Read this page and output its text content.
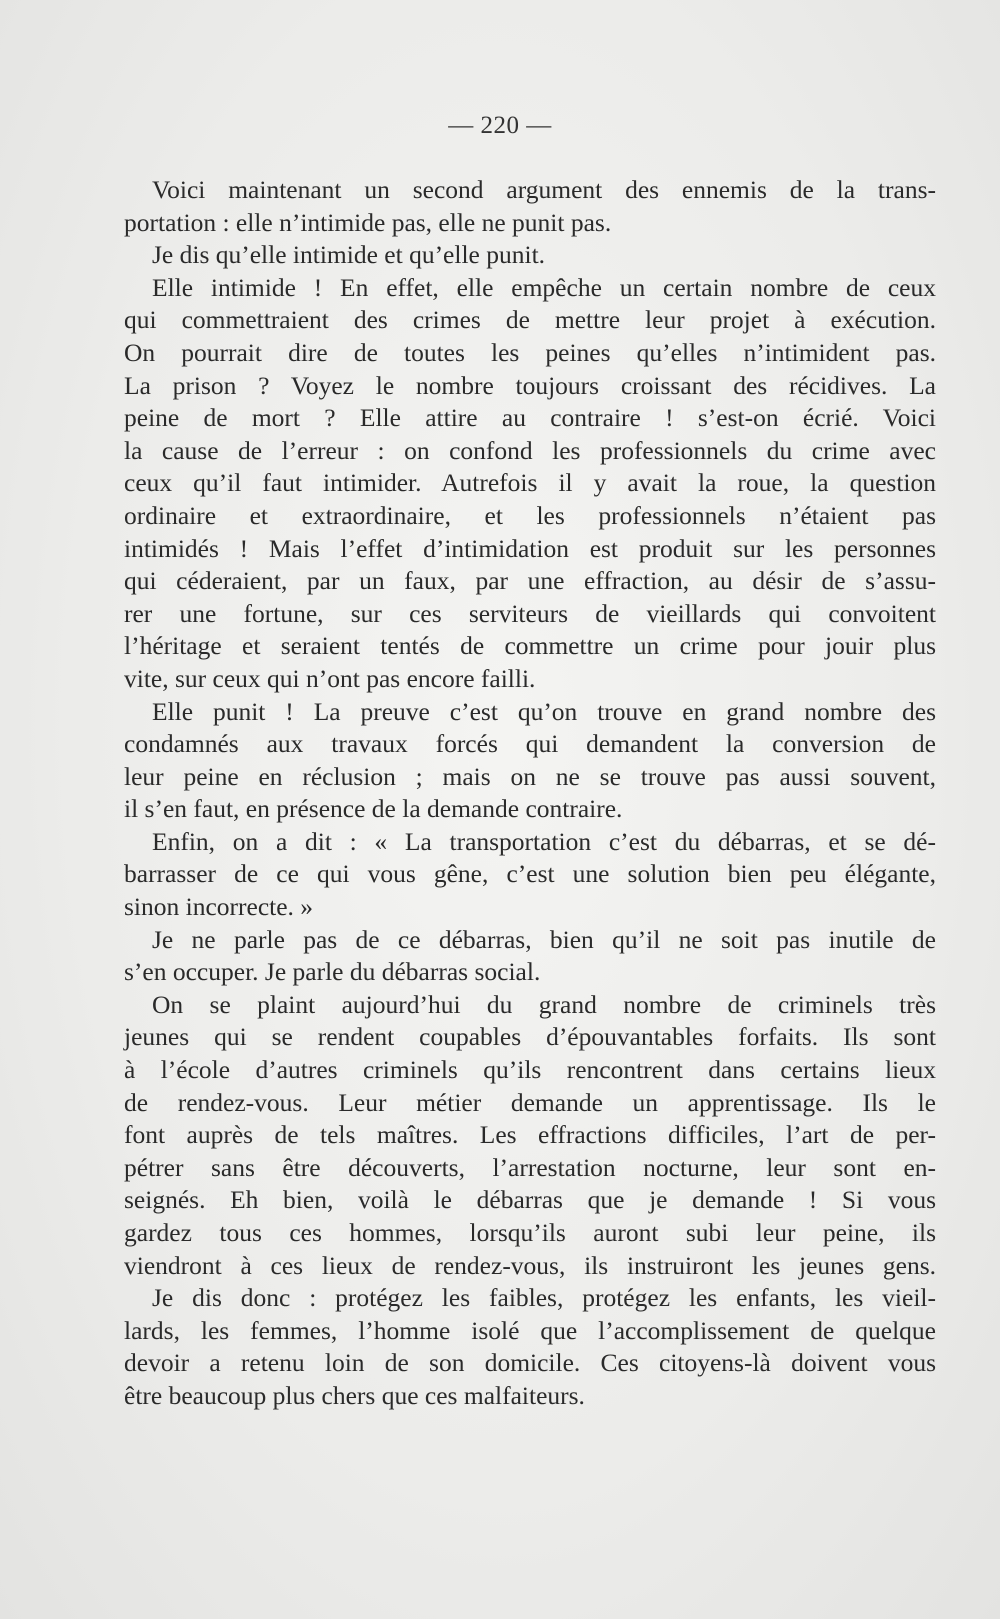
— 220 —
Voici maintenant un second argument des ennemis de la trans-
portation : elle n’intimide pas, elle ne punit pas.
Je dis qu’elle intimide et qu’elle punit.
Elle intimide ! En effet, elle empêche un certain nombre de ceux
qui commettraient des crimes de mettre leur projet à exécution.
On pourrait dire de toutes les peines qu’elles n’intimident pas.
La prison ? Voyez le nombre toujours croissant des récidives. La
peine de mort ? Elle attire au contraire ! s’est-on écrié. Voici
la cause de l’erreur : on confond les professionnels du crime avec
ceux qu’il faut intimider. Autrefois il y avait la roue, la question
ordinaire et extraordinaire, et les professionnels n’étaient pas
intimidés ! Mais l’effet d’intimidation est produit sur les personnes
qui céderaient, par un faux, par une effraction, au désir de s’assu-
rer une fortune, sur ces serviteurs de vieillards qui convoitent
l’héritage et seraient tentés de commettre un crime pour jouir plus
vite, sur ceux qui n’ont pas encore failli.
Elle punit ! La preuve c’est qu’on trouve en grand nombre des
condamnés aux travaux forcés qui demandent la conversion de
leur peine en réclusion ; mais on ne se trouve pas aussi souvent,
il s’en faut, en présence de la demande contraire.
Enfin, on a dit : « La transportation c’est du débarras, et se dé-
barrasser de ce qui vous gêne, c’est une solution bien peu élégante,
sinon incorrecte. »
Je ne parle pas de ce débarras, bien qu’il ne soit pas inutile de
s’en occuper. Je parle du débarras social.
On se plaint aujourd’hui du grand nombre de criminels très
jeunes qui se rendent coupables d’épouvantables forfaits. Ils sont
à l’école d’autres criminels qu’ils rencontrent dans certains lieux
de rendez-vous. Leur métier demande un apprentissage. Ils le
font auprès de tels maîtres. Les effractions difficiles, l’art de per-
pétrer sans être découverts, l’arrestation nocturne, leur sont en-
seignés. Eh bien, voilà le débarras que je demande ! Si vous
gardez tous ces hommes, lorsqu’ils auront subi leur peine, ils
viendront à ces lieux de rendez-vous, ils instruiront les jeunes gens.
Je dis donc : protégez les faibles, protégez les enfants, les vieil-
lards, les femmes, l’homme isolé que l’accomplissement de quelque
devoir a retenu loin de son domicile. Ces citoyens-là doivent vous
être beaucoup plus chers que ces malfaiteurs.
